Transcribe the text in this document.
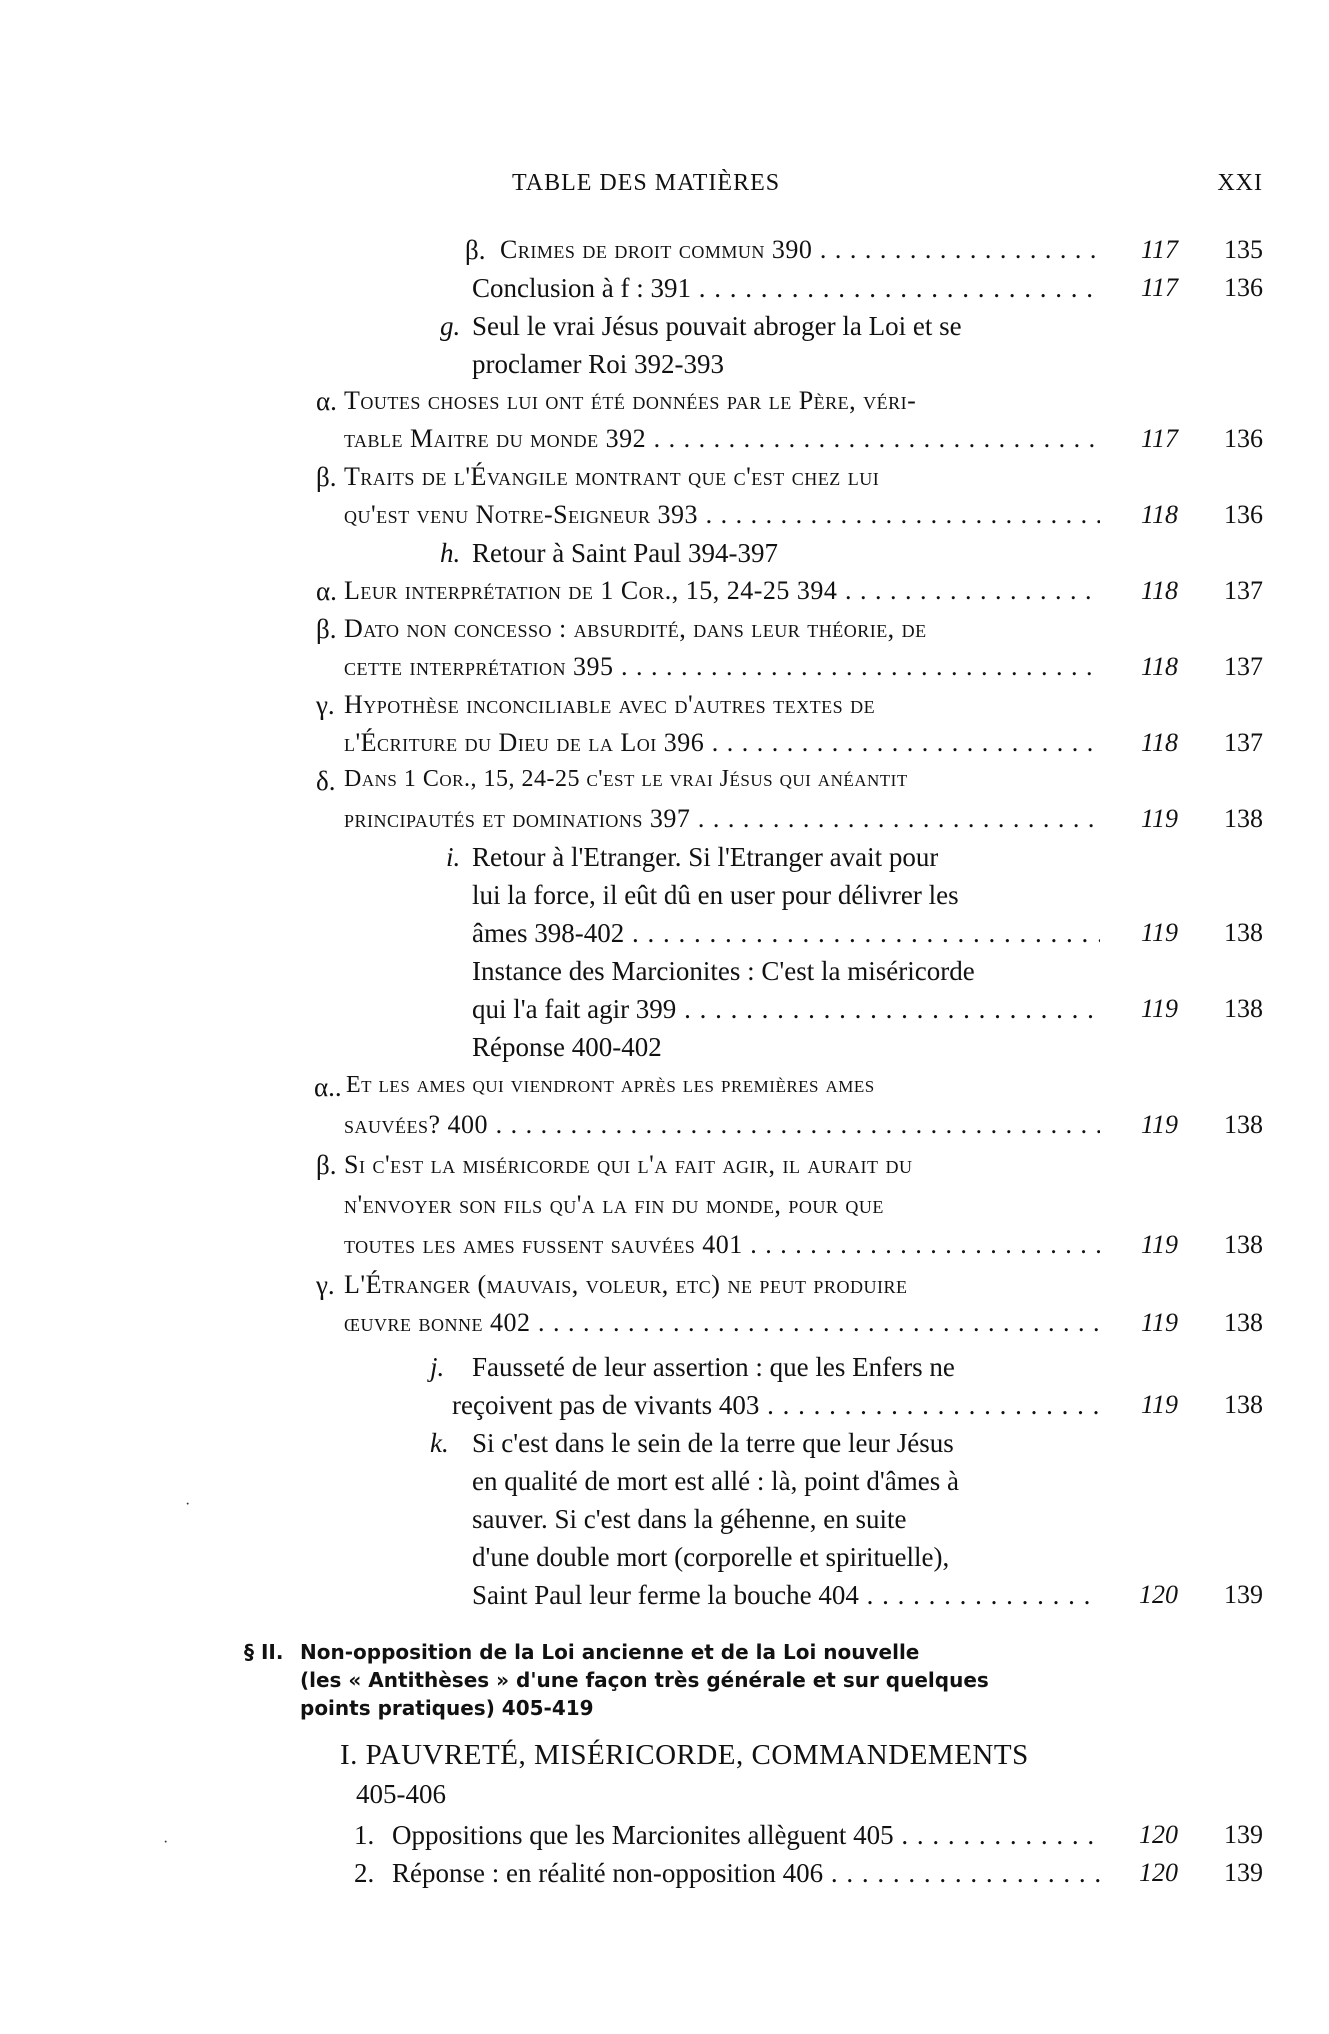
TABLE DES MATIÈRES	XXI
β. Crimes de droit commun 390 . . .	117	135
Conclusion à f : 391 . . .	117	136
g. Seul le vrai Jésus pouvait abroger la Loi et se
proclamer Roi 392-393
α. Toutes choses lui ont été données par le Père, véri-
table Maitre du monde 392 . . .	117	136
β. Traits de l'Évangile montrant que c'est chez lui
qu'est venu Notre-Seigneur 393 . . .	118	136
h. Retour à Saint Paul 394-397
α. Leur interprétation de 1 Cor., 15, 24-25 394 . . .	118	137
β. Dato non concesso : absurdité, dans leur théorie, de
cette interprétation 395 . . .	118	137
γ. Hypothèse inconciliable avec d'autres textes de
l'Écriture du Dieu de la Loi 396 . . .	118	137
δ. Dans 1 Cor., 15, 24-25 c'est le vrai Jésus qui anéantit
principautés et dominations 397 . . .	119	138
i. Retour à l'Etranger. Si l'Etranger avait pour
lui la force, il eût dû en user pour délivrer les
âmes 398-402 . . .	119	138
Instance des Marcionites : C'est la miséricorde
qui l'a fait agir 399 . . .	119	138
Réponse 400-402
α.. Et les ames qui viendront après les premières ames
sauvées? 400 . . .	119	138
β. Si c'est la miséricorde qui l'a fait agir, il aurait du
n'envoyer son fils qu'a la fin du monde, pour que
toutes les ames fussent sauvées 401 . . .	119	138
γ. L'Étranger (mauvais, voleur, etc) ne peut produire
œuvre bonne 402 . . .	119	138
j. Fausseté de leur assertion : que les Enfers ne
reçoivent pas de vivants 403 . . .	119	138
k. Si c'est dans le sein de la terre que leur Jésus
en qualité de mort est allé : là, point d'âmes à
sauver. Si c'est dans la géhenne, en suite
d'une double mort (corporelle et spirituelle),
Saint Paul leur ferme la bouche 404 . . .	120	139
§ II. Non-opposition de la Loi ancienne et de la Loi nouvelle
(les « Antithèses » d'une façon très générale et sur quelques
points pratiques) 405-419
I. PAUVRETÉ, MISÉRICORDE, COMMANDEMENTS
405-406
1. Oppositions que les Marcionites allèguent 405 . . .	120	139
2. Réponse : en réalité non-opposition 406 . . .	120	139
·
·
